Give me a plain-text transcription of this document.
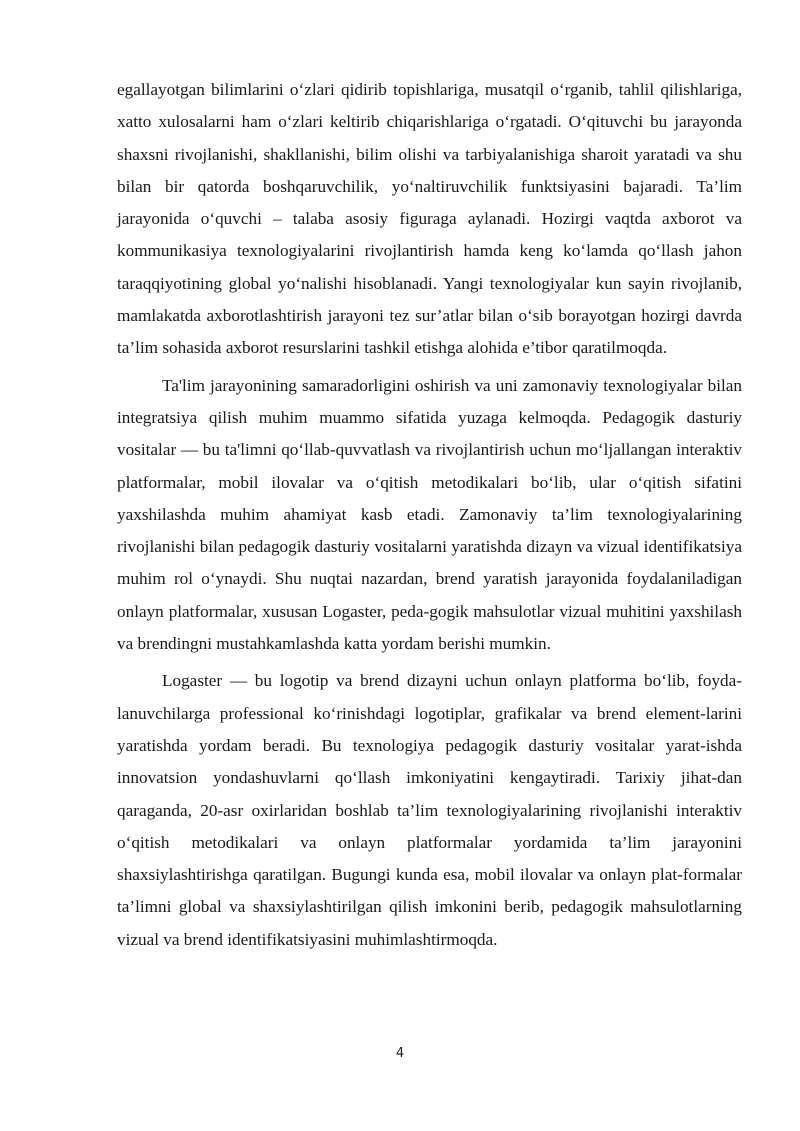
egallayotgan bilimlarini o‘zlari qidirib topishlariga, musatqil o‘rganib, tahlil qilishlariga, xatto xulosalarni ham o‘zlari keltirib chiqarishlariga o‘rgatadi. O‘qituvchi bu jarayonda shaxsni rivojlanishi, shakllanishi, bilim olishi va tarbiyalanishiga sharoit yaratadi va shu bilan bir qatorda boshqaruvchilik, yo‘naltiruvchilik funktsiyasini bajaradi. Ta’lim jarayonida o‘quvchi – talaba asosiy figuraga aylanadi. Hozirgi vaqtda axborot va kommunikasiya texnologiyalarini rivojlantirish hamda keng ko‘lamda qo‘llash jahon taraqqiyotining global yo‘nalishi hisoblanadi. Yangi texnologiyalar kun sayin rivojlanib, mamlakatda axborotlashtirish jarayoni tez sur’atlar bilan o‘sib borayotgan hozirgi davrda ta’lim sohasida axborot resurslarini tashkil etishga alohida e’tibor qaratilmoqda.

Ta'lim jarayonining samaradorligini oshirish va uni zamonaviy texnologiyalar bilan integratsiya qilish muhim muammo sifatida yuzaga kelmoqda. Pedagogik dasturiy vositalar — bu ta'limni qo‘llab-quvvatlash va rivojlantirish uchun mo‘ljallangan interaktiv platformalar, mobil ilovalar va o‘qitish metodikalari bo‘lib, ular o‘qitish sifatini yaxshilashda muhim ahamiyat kasb etadi. Zamonaviy ta’lim texnologiyalarining rivojlanishi bilan pedagogik dasturiy vositalarni yaratishda dizayn va vizual identifikatsiya muhim rol o‘ynaydi. Shu nuqtai nazardan, brend yaratish jarayonida foydalaniladigan onlayn platformalar, xususan Logaster, peda-gogik mahsulotlar vizual muhitini yaxshilash va brendingni mustahkamlashda katta yordam berishi mumkin.

Logaster — bu logotip va brend dizayni uchun onlayn platforma bo‘lib, foyda-lanuvchilarga professional ko‘rinishdagi logotiplar, grafikalar va brend element-larini yaratishda yordam beradi. Bu texnologiya pedagogik dasturiy vositalar yarat-ishda innovatsion yondashuvlarni qo‘llash imkoniyatini kengaytiradi. Tarixiy jihat-dan qaraganda, 20-asr oxirlaridan boshlab ta’lim texnologiyalarining rivojlanishi interaktiv o‘qitish metodikalari va onlayn platformalar yordamida ta’lim jarayonini shaxsiylashtirishga qaratilgan. Bugungi kunda esa, mobil ilovalar va onlayn plat-formalar ta’limni global va shaxsiylashtirilgan qilish imkonini berib, pedagogik mahsulotlarning vizual va brend identifikatsiyasini muhimlashtirmoqda.

4
